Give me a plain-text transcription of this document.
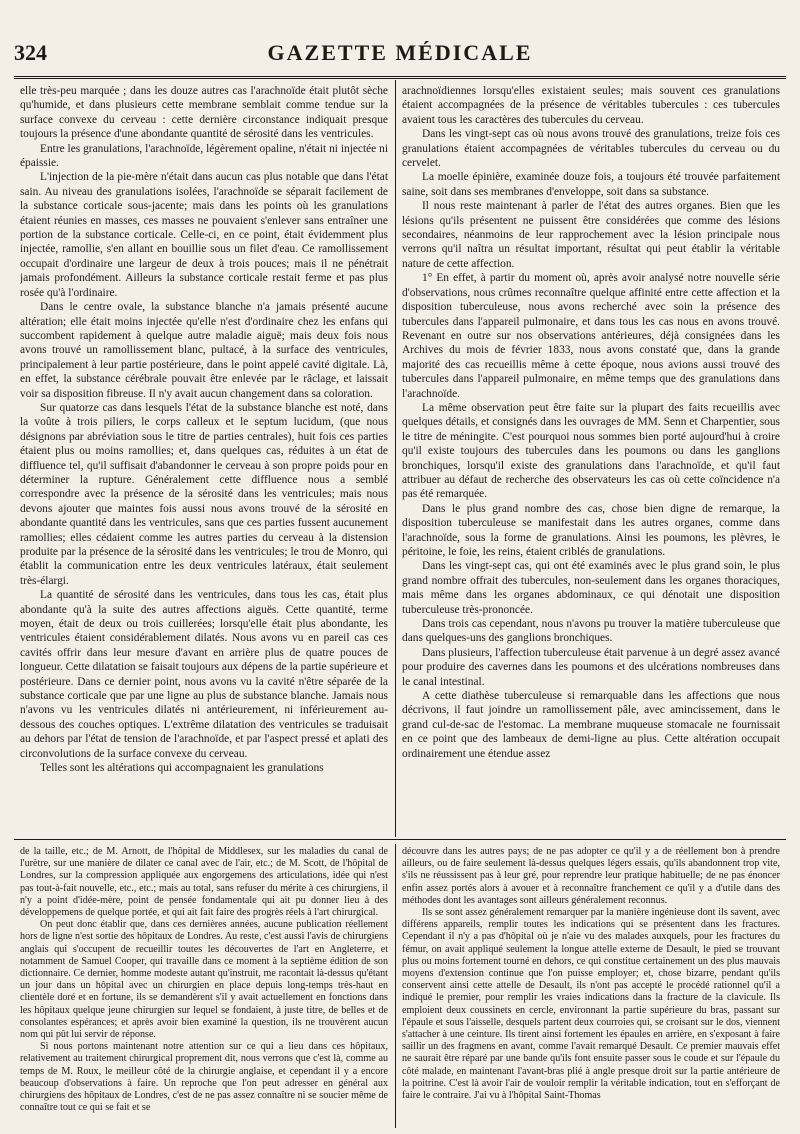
GAZETTE MÉDICALE
324

elle très-peu marquée ; dans les douze autres cas l'arachnoïde était plutôt sèche qu'humide, et dans plusieurs cette membrane semblait comme tendue sur la surface convexe du cerveau : cette dernière circonstance indiquait presque toujours la présence d'une abondante quantité de sérosité dans les ventricules.

Entre les granulations, l'arachnoïde, légèrement opaline, n'était ni injectée ni épaissie.

L'injection de la pie-mère n'était dans aucun cas plus notable que dans l'état sain. Au niveau des granulations isolées, l'arachnoïde se séparait facilement de la substance corticale sous-jacente; mais dans les points où les granulations étaient réunies en masses, ces masses ne pouvaient s'enlever sans entraîner une portion de la substance corticale. Celle-ci, en ce point, était évidemment plus injectée, ramollie, s'en allant en bouillie sous un filet d'eau. Ce ramollissement occupait d'ordinaire une largeur de deux à trois pouces; mais il ne pénétrait jamais profondément. Ailleurs la substance corticale restait ferme et pas plus rosée qu'à l'ordinaire.

Dans le centre ovale, la substance blanche n'a jamais présenté aucune altération; elle était moins injectée qu'elle n'est d'ordinaire chez les enfans qui succombent rapidement à quelque autre maladie aiguë; mais deux fois nous avons trouvé un ramollissement blanc, pultacé, à la surface des ventricules, principalement à leur partie postérieure, dans le point appelé cavité digitale. Là, en effet, la substance cérébrale pouvait être enlevée par le râclage, et laissait voir sa disposition fibreuse. Il n'y avait aucun changement dans sa coloration.

Sur quatorze cas dans lesquels l'état de la substance blanche est noté, dans la voûte à trois piliers, le corps calleux et le septum lucidum, (que nous désignons par abréviation sous le titre de parties centrales), huit fois ces parties étaient plus ou moins ramollies; et, dans quelques cas, réduites à un état de diffluence tel, qu'il suffisait d'abandonner le cerveau à son propre poids pour en déterminer la rupture. Généralement cette diffluence nous a semblé correspondre avec la présence de la sérosité dans les ventricules; mais nous devons ajouter que maintes fois aussi nous avons trouvé de la sérosité en abondante quantité dans les ventricules, sans que ces parties fussent aucunement ramollies; elles cédaient comme les autres parties du cerveau à la distension produite par la présence de la sérosité dans les ventricules; le trou de Monro, qui établit la communication entre les deux ventricules latéraux, était seulement très-élargi.

La quantité de sérosité dans les ventricules, dans tous les cas, était plus abondante qu'à la suite des autres affections aiguës. Cette quantité, terme moyen, était de deux ou trois cuillerées; lorsqu'elle était plus abondante, les ventricules étaient considérablement dilatés. Nous avons vu en pareil cas ces cavités offrir dans leur mesure d'avant en arrière plus de quatre pouces de longueur. Cette dilatation se faisait toujours aux dépens de la partie supérieure et postérieure. Dans ce dernier point, nous avons vu la cavité n'être séparée de la substance corticale que par une ligne au plus de substance blanche. Jamais nous n'avons vu les ventricules dilatés ni antérieurement, ni inférieurement au-dessous des couches optiques. L'extrême dilatation des ventricules se traduisait au dehors par l'état de tension de l'arachnoïde, et par l'aspect pressé et aplati des circonvolutions de la surface convexe du cerveau.

Telles sont les altérations qui accompagnaient les granulations

arachnoïdiennes lorsqu'elles existaient seules; mais souvent ces granulations étaient accompagnées de la présence de véritables tubercules : ces tubercules avaient tous les caractères des tubercules du cerveau.

Dans les vingt-sept cas où nous avons trouvé des granulations, treize fois ces granulations étaient accompagnées de véritables tubercules du cerveau ou du cervelet.

La moelle épinière, examinée douze fois, a toujours été trouvée parfaitement saine, soit dans ses membranes d'enveloppe, soit dans sa substance.

Il nous reste maintenant à parler de l'état des autres organes. Bien que les lésions qu'ils présentent ne puissent être considérées que comme des lésions secondaires, néanmoins de leur rapprochement avec la lésion principale nous verrons qu'il naîtra un résultat important, résultat qui peut établir la véritable nature de cette affection.

1° En effet, à partir du moment où, après avoir analysé notre nouvelle série d'observations, nous crûmes reconnaître quelque affinité entre cette affection et la disposition tuberculeuse, nous avons recherché avec soin la présence des tubercules dans l'appareil pulmonaire, et dans tous les cas nous en avons trouvé. Revenant en outre sur nos observations antérieures, déjà consignées dans les Archives du mois de février 1833, nous avons constaté que, dans la grande majorité des cas recueillis même à cette époque, nous avions aussi trouvé des tubercules dans l'appareil pulmonaire, en même temps que des granulations dans l'arachnoïde.

La même observation peut être faite sur la plupart des faits recueillis avec quelques détails, et consignés dans les ouvrages de MM. Senn et Charpentier, sous le titre de méningite. C'est pourquoi nous sommes bien porté aujourd'hui à croire qu'il existe toujours des tubercules dans les poumons ou dans les ganglions bronchiques, lorsqu'il existe des granulations dans l'arachnoïde, et qu'il faut attribuer au défaut de recherche des observateurs les cas où cette coïncidence n'a pas été remarquée.

Dans le plus grand nombre des cas, chose bien digne de remarque, la disposition tuberculeuse se manifestait dans les autres organes, comme dans l'arachnoïde, sous la forme de granulations. Ainsi les poumons, les plèvres, le péritoine, le foie, les reins, étaient criblés de granulations.

Dans les vingt-sept cas, qui ont été examinés avec le plus grand soin, le plus grand nombre offrait des tubercules, non-seulement dans les organes thoraciques, mais même dans les organes abdominaux, ce qui dénotait une disposition tuberculeuse très-prononcée.

Dans trois cas cependant, nous n'avons pu trouver la matière tuberculeuse que dans quelques-uns des ganglions bronchiques.

Dans plusieurs, l'affection tuberculeuse était parvenue à un degré assez avancé pour produire des cavernes dans les poumons et des ulcérations nombreuses dans le canal intestinal.

A cette diathèse tuberculeuse si remarquable dans les affections que nous décrivons, il faut joindre un ramollissement pâle, avec amincissement, dans le grand cul-de-sac de l'estomac. La membrane muqueuse stomacale ne fournissait en ce point que des lambeaux de demi-ligne au plus. Cette altération occupait ordinairement une étendue assez

de la taille, etc.; de M. Arnott, de l'hôpital de Middlesex, sur les maladies du canal de l'urètre, sur une manière de dilater ce canal avec de l'air, etc.; de M. Scott, de l'hôpital de Londres, sur la compression appliquée aux engorgemens des articulations, idée qui n'est pas tout-à-fait nouvelle, etc., etc.; mais au total, sans refuser du mérite à ces chirurgiens, il n'y a point d'idée-mère, point de pensée fondamentale qui ait pu donner lieu à des développemens de quelque portée, et qui ait fait faire des progrès réels à l'art chirurgical.

On peut donc établir que, dans ces dernières années, aucune publication réellement hors de ligne n'est sortie des hôpitaux de Londres. Au reste, c'est aussi l'avis de chirurgiens anglais qui s'occupent de recueillir toutes les découvertes de l'art en Angleterre, et notamment de Samuel Cooper, qui travaille dans ce moment à la septième édition de son dictionnaire. Ce dernier, homme modeste autant qu'instruit, me racontait là-dessus qu'étant un jour dans un hôpital avec un chirurgien en place depuis long-temps très-haut en clientèle doré et en fortune, ils se demandèrent s'il y avait actuellement en fonctions dans les hôpitaux quelque jeune chirurgien sur lequel se fondaient, à juste titre, de belles et de consolantes espérances; et après avoir bien examiné la question, ils ne trouvèrent aucun nom qui pût lui servir de réponse.

Si nous portons maintenant notre attention sur ce qui a lieu dans ces hôpitaux, relativement au traitement chirurgical proprement dit, nous verrons que c'est là, comme au temps de M. Roux, le meilleur côté de la chirurgie anglaise, et cependant il y a encore beaucoup d'observations à faire. Un reproche que l'on peut adresser en général aux chirurgiens des hôpitaux de Londres, c'est de ne pas assez connaître ni se soucier même de connaître tout ce qui se fait et se

découvre dans les autres pays; de ne pas adopter ce qu'il y a de réellement bon à prendre ailleurs, ou de faire seulement là-dessus quelques légers essais, qu'ils abandonnent trop vite, s'ils ne réussissent pas à leur gré, pour reprendre leur pratique habituelle; de ne pas énoncer enfin assez portés alors à avouer et à reconnaître franchement ce qu'il y a d'utile dans des méthodes dont les avantages sont ailleurs généralement reconnus.

Ils se sont assez généralement remarquer par la manière ingénieuse dont ils savent, avec différens appareils, remplir toutes les indications qui se présentent dans les fractures. Cependant il n'y a pas d'hôpital où je n'aie vu des malades auxquels, pour les fractures du fémur, on avait appliqué seulement la longue attelle externe de Desault, le pied se trouvant plus ou moins fortement tourné en dehors, ce qui constitue certainement un des plus mauvais moyens d'extension continue que l'on puisse employer; et, chose bizarre, pendant qu'ils conservent ainsi cette attelle de Desault, ils n'ont pas accepté le procédé rationnel qu'il a indiqué le premier, pour remplir les vraies indications dans la fracture de la clavicule. Ils emploient deux coussinets en cercle, environnant la partie supérieure du bras, passant sur l'épaule et sous l'aisselle, desquels partent deux courroies qui, se croisant sur le dos, viennent s'attacher à une ceinture. Ils tirent ainsi fortement les épaules en arrière, en s'exposant à faire saillir un des fragmens en avant, comme l'avait remarqué Desault. Ce premier mauvais effet ne saurait être réparé par une bande qu'ils font ensuite passer sous le coude et sur l'épaule du côté malade, en maintenant l'avant-bras plié à angle presque droit sur la partie antérieure de la poitrine. C'est là avoir l'air de vouloir remplir la véritable indication, tout en s'efforçant de faire le contraire. J'ai vu à l'hôpital Saint-Thomas
